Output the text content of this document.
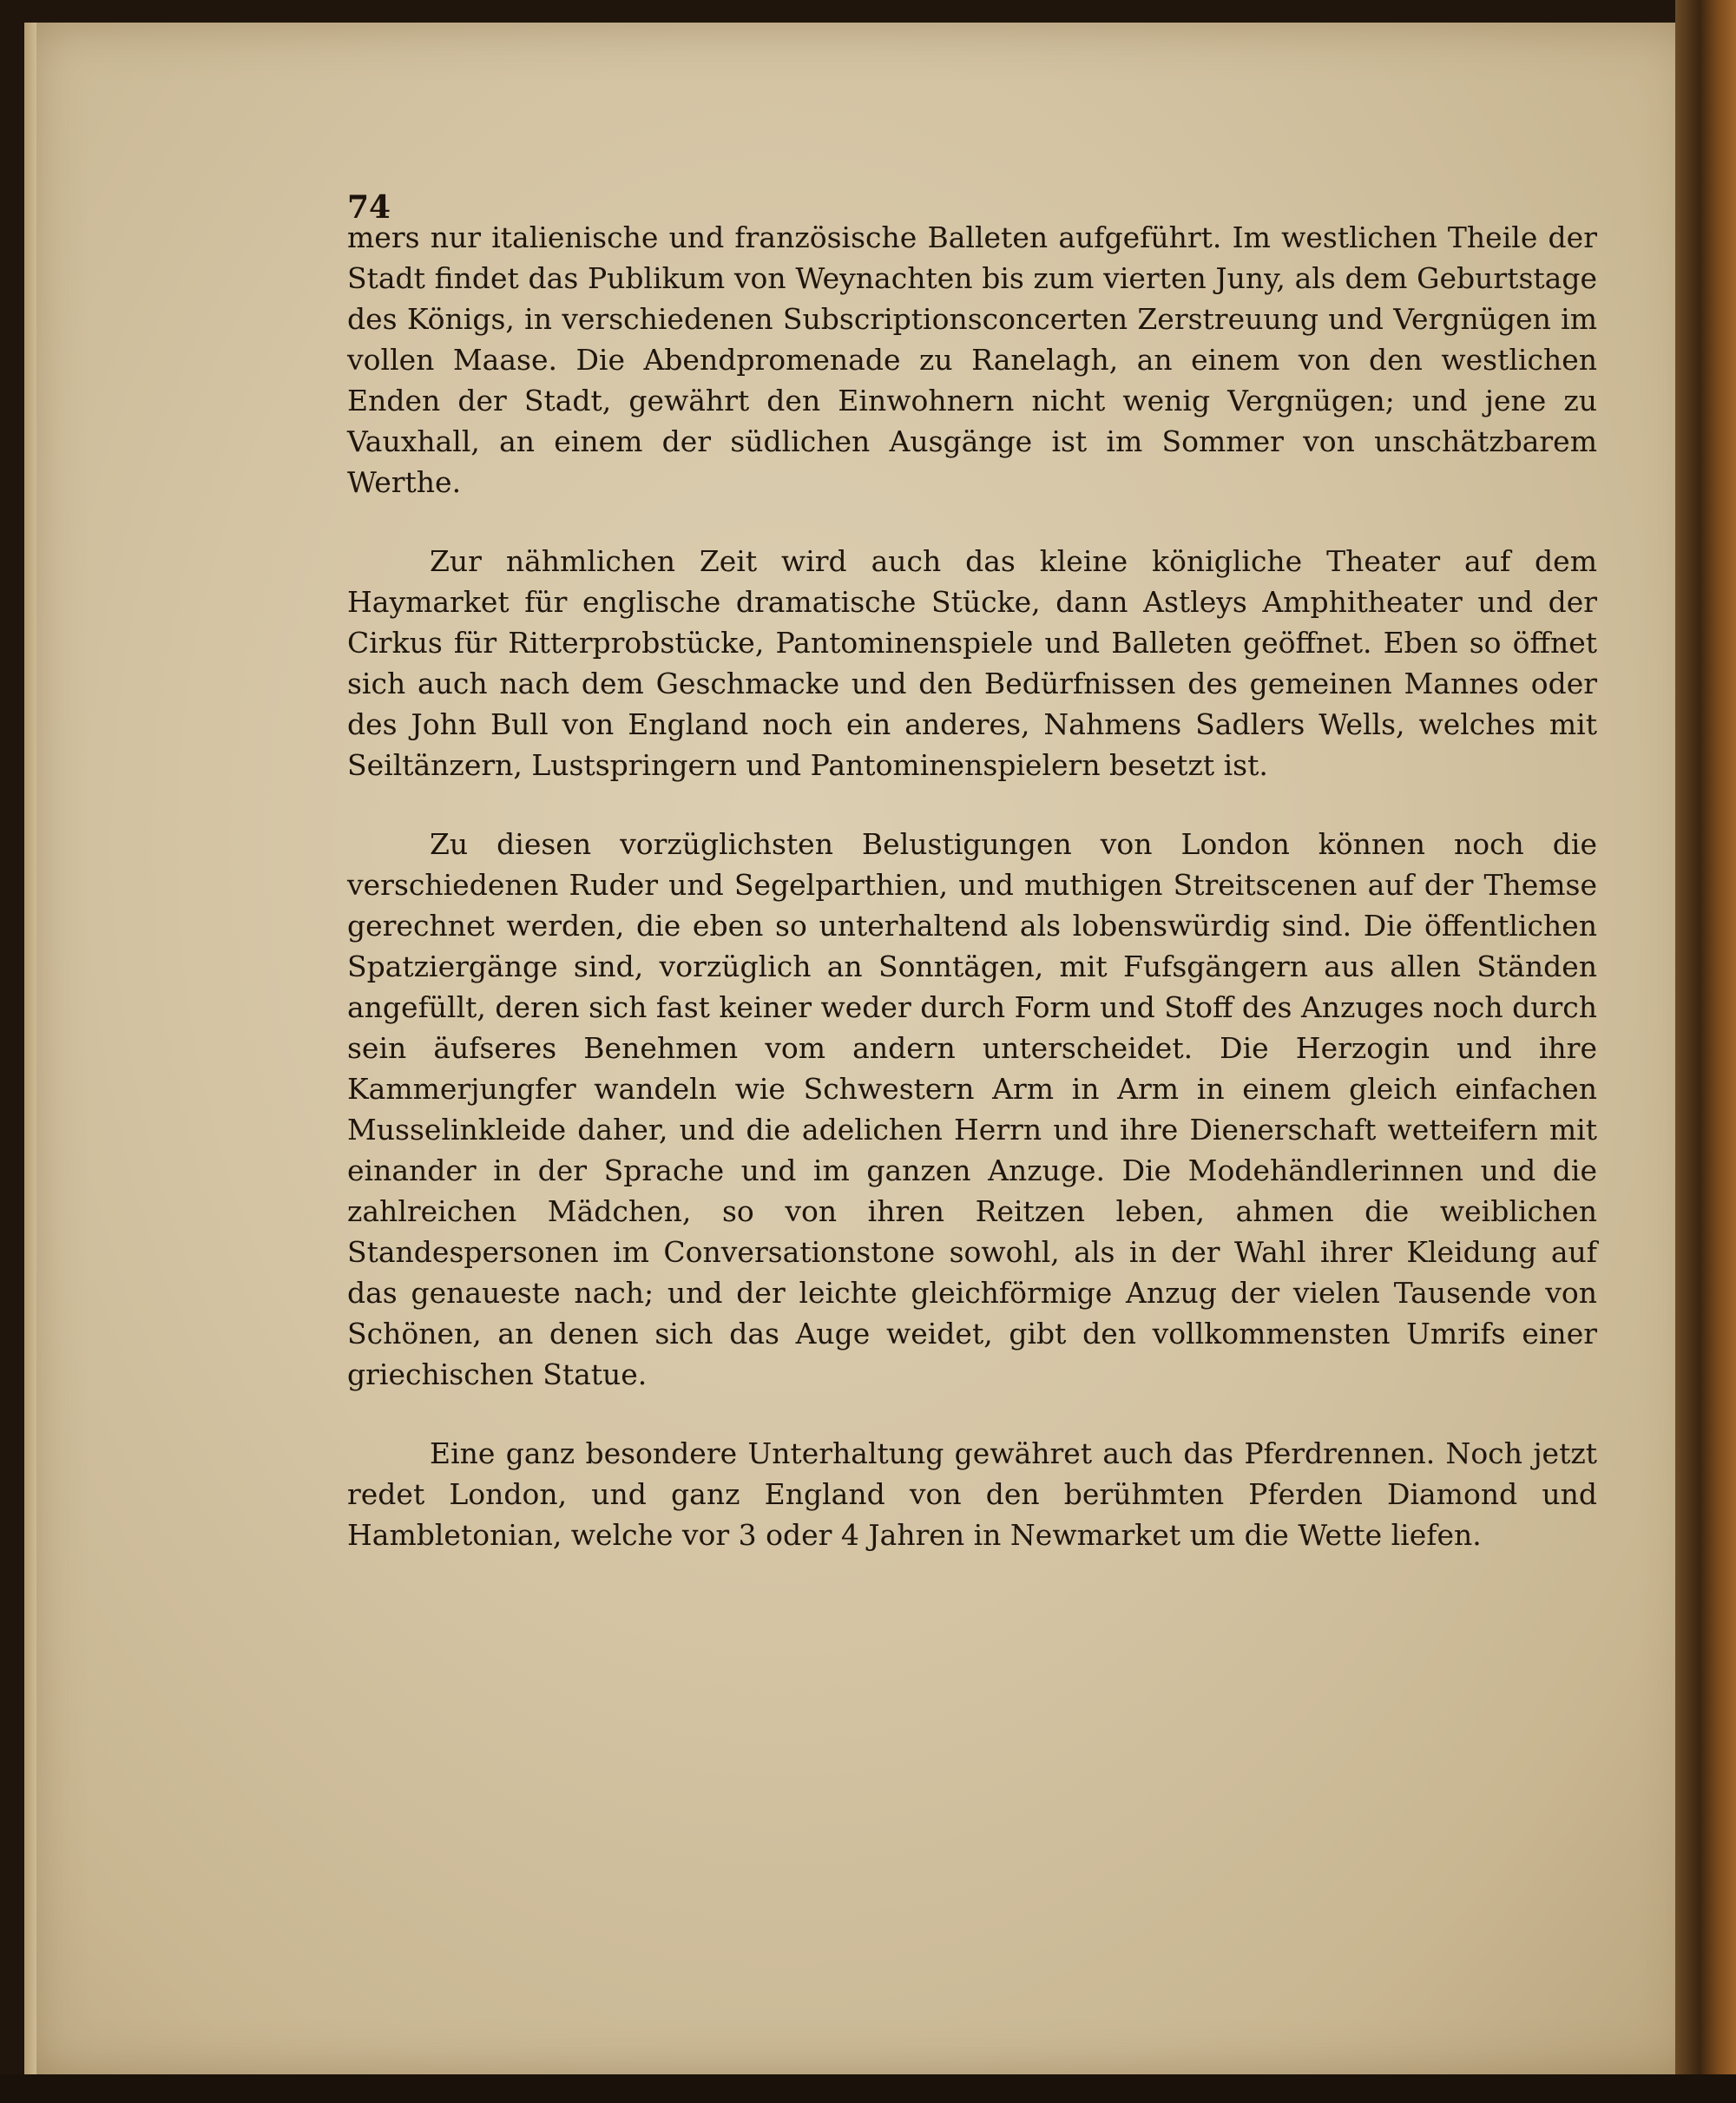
74

mers nur italienische und französische Balleten aufgeführt. Im westlichen Theile der Stadt findet das Publikum von Weynachten bis zum vierten Juny, als dem Geburtstage des Königs, in verschiedenen Subscriptionsconcerten Zerstreuung und Vergnügen im vollen Maase. Die Abendpromenade zu Ranelagh, an einem von den westlichen Enden der Stadt, gewährt den Einwohnern nicht wenig Vergnügen; und jene zu Vauxhall, an einem der südlichen Ausgänge ist im Sommer von unschätzbarem Werthe.

Zur nähmlichen Zeit wird auch das kleine königliche Theater auf dem Haymarket für englische dramatische Stücke, dann Astleys Amphitheater und der Cirkus für Ritterprobstücke, Pantominenspiele und Balleten geöffnet. Eben so öffnet sich auch nach dem Geschmacke und den Bedürfnissen des gemeinen Mannes oder des John Bull von England noch ein anderes, Nahmens Sadlers Wells, welches mit Seiltänzern, Lustspringern und Pantominenspielern besetzt ist.

Zu diesen vorzüglichsten Belustigungen von London können noch die verschiedenen Ruder und Segelparthien, und muthigen Streitscenen auf der Themse gerechnet werden, die eben so unterhaltend als lobenswürdig sind. Die öffentlichen Spatziergänge sind, vorzüglich an Sonntägen, mit Fufsgängern aus allen Ständen angefüllt, deren sich fast keiner weder durch Form und Stoff des Anzuges noch durch sein äufseres Benehmen vom andern unterscheidet. Die Herzogin und ihre Kammerjungfer wandeln wie Schwestern Arm in Arm in einem gleich einfachen Musselinkleide daher, und die adelichen Herrn und ihre Dienerschaft wetteifern mit einander in der Sprache und im ganzen Anzuge. Die Modehändlerinnen und die zahlreichen Mädchen, so von ihren Reitzen leben, ahmen die weiblichen Standespersonen im Conversationstone sowohl, als in der Wahl ihrer Kleidung auf das genaueste nach; und der leichte gleichförmige Anzug der vielen Tausende von Schönen, an denen sich das Auge weidet, gibt den vollkommensten Umrifs einer griechischen Statue.

Eine ganz besondere Unterhaltung gewähret auch das Pferdrennen. Noch jetzt redet London, und ganz England von den berühmten Pferden Diamond und Hambletonian, welche vor 3 oder 4 Jahren in Newmarket um die Wette liefen.
